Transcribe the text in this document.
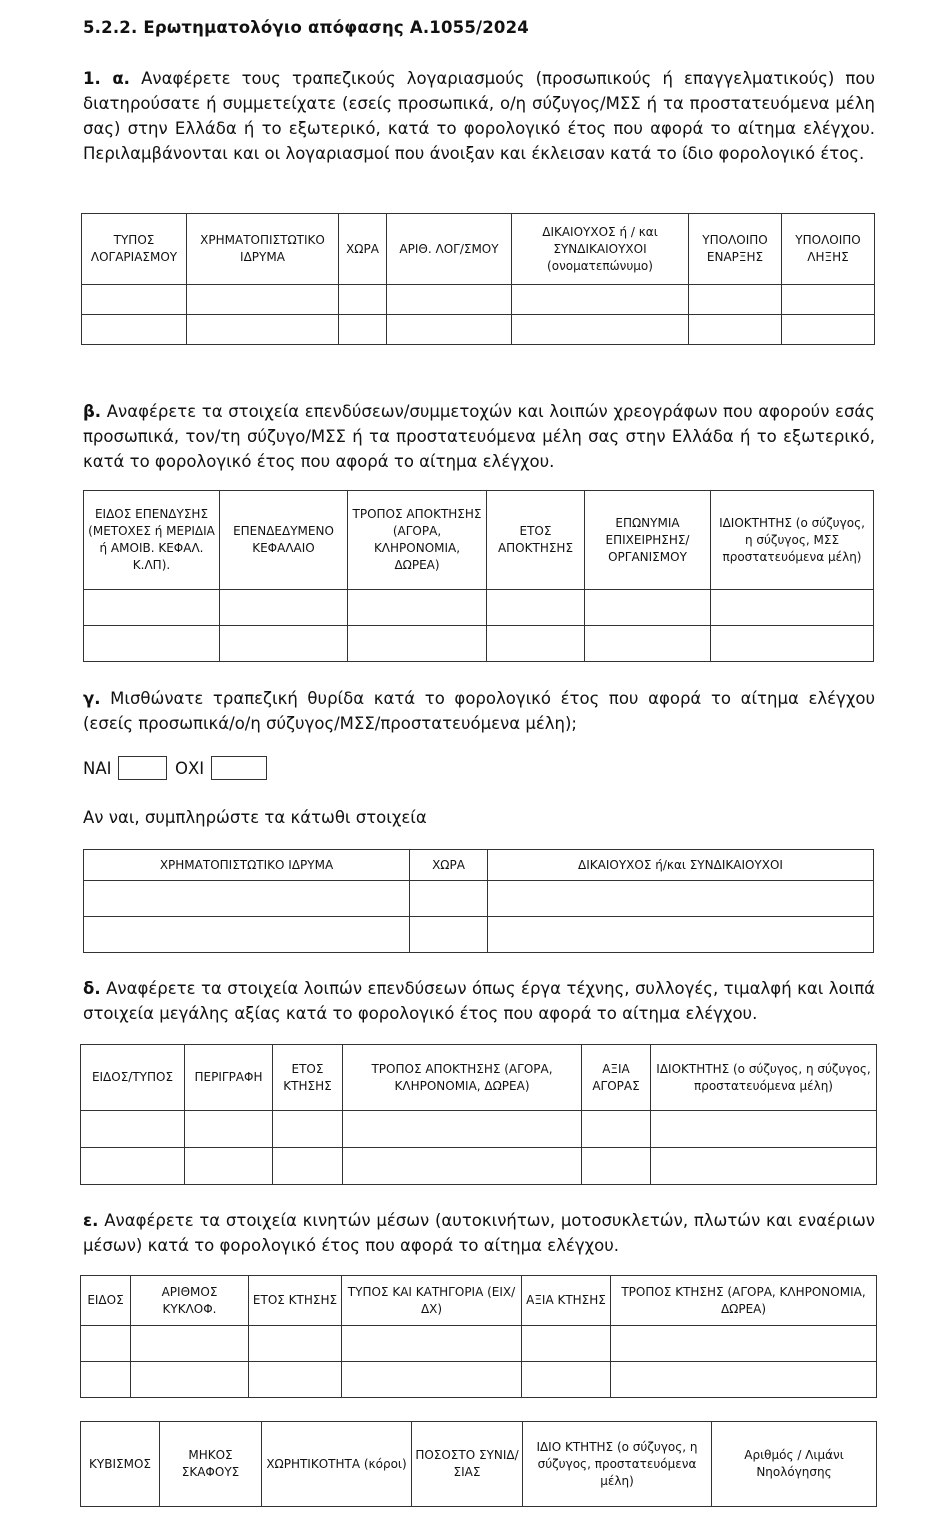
5.2.2. Ερωτηματολόγιο απόφασης Α.1055/2024
1. α. Αναφέρετε τους τραπεζικούς λογαριασμούς (προσωπικούς ή επαγγελματικούς) που διατηρούσατε ή συμμετείχατε (εσείς προσωπικά, ο/η σύζυγος/ΜΣΣ ή τα προστατευόμενα μέλη σας) στην Ελλάδα ή το εξωτερικό, κατά το φορολογικό έτος που αφορά το αίτημα ελέγχου. Περιλαμβάνονται και οι λογαριασμοί που άνοιξαν και έκλεισαν κατά το ίδιο φορολογικό έτος.
ΤΥΠΟΣ ΛΟΓΑΡΙΑΣΜΟΥ	ΧΡΗΜΑΤΟΠΙΣΤΩΤΙΚΟ ΙΔΡΥΜΑ	ΧΩΡΑ	ΑΡΙΘ. ΛΟΓ/ΣΜΟΥ	ΔΙΚΑΙΟΥΧΟΣ ή / και ΣΥΝΔΙΚΑΙΟΥΧΟΙ (ονοματεπώνυμο)	ΥΠΟΛΟΙΠΟ ΕΝΑΡΞΗΣ	ΥΠΟΛΟΙΠΟ ΛΗΞΗΣ

β. Αναφέρετε τα στοιχεία επενδύσεων/συμμετοχών και λοιπών χρεογράφων που αφορούν εσάς προσωπικά, τον/τη σύζυγο/ΜΣΣ ή τα προστατευόμενα μέλη σας στην Ελλάδα ή το εξωτερικό, κατά το φορολογικό έτος που αφορά το αίτημα ελέγχου.
ΕΙΔΟΣ ΕΠΕΝΔΥΣΗΣ (ΜΕΤΟΧΕΣ ή ΜΕΡΙΔΙΑ ή ΑΜΟΙΒ. ΚΕΦΑΛ. Κ.ΛΠ).	ΕΠΕΝΔΕΔΥΜΕΝΟ ΚΕΦΑΛΑΙΟ	ΤΡΟΠΟΣ ΑΠΟΚΤΗΣΗΣ (ΑΓΟΡΑ, ΚΛΗΡΟΝΟΜΙΑ, ΔΩΡΕΑ)	ΕΤΟΣ ΑΠΟΚΤΗΣΗΣ	ΕΠΩΝΥΜΙΑ ΕΠΙΧΕΙΡΗΣΗΣ/ ΟΡΓΑΝΙΣΜΟΥ	ΙΔΙΟΚΤΗΤΗΣ (ο σύζυγος, η σύζυγος, ΜΣΣ προστατευόμενα μέλη)

γ. Μισθώνατε τραπεζική θυρίδα κατά το φορολογικό έτος που αφορά το αίτημα ελέγχου (εσείς προσωπικά/ο/η σύζυγος/ΜΣΣ/προστατευόμενα μέλη);
ΝΑΙ	ΟΧΙ
Αν ναι, συμπληρώστε τα κάτωθι στοιχεία
ΧΡΗΜΑΤΟΠΙΣΤΩΤΙΚΟ ΙΔΡΥΜΑ	ΧΩΡΑ	ΔΙΚΑΙΟΥΧΟΣ ή/και ΣΥΝΔΙΚΑΙΟΥΧΟΙ

δ. Αναφέρετε τα στοιχεία λοιπών επενδύσεων όπως έργα τέχνης, συλλογές, τιμαλφή και λοιπά στοιχεία μεγάλης αξίας κατά το φορολογικό έτος που αφορά το αίτημα ελέγχου.
ΕΙΔΟΣ/ΤΥΠΟΣ	ΠΕΡΙΓΡΑΦΗ	ΕΤΟΣ ΚΤΗΣΗΣ	ΤΡΟΠΟΣ ΑΠΟΚΤΗΣΗΣ (ΑΓΟΡΑ, ΚΛΗΡΟΝΟΜΙΑ, ΔΩΡΕΑ)	ΑΞΙΑ ΑΓΟΡΑΣ	ΙΔΙΟΚΤΗΤΗΣ (ο σύζυγος, η σύζυγος, προστατευόμενα μέλη)

ε. Αναφέρετε τα στοιχεία κινητών μέσων (αυτοκινήτων, μοτοσυκλετών, πλωτών και εναέριων μέσων) κατά το φορολογικό έτος που αφορά το αίτημα ελέγχου.
ΕΙΔΟΣ	ΑΡΙΘΜΟΣ ΚΥΚΛΟΦ.	ΕΤΟΣ ΚΤΗΣΗΣ	ΤΥΠΟΣ ΚΑΙ ΚΑΤΗΓΟΡΙΑ (ΕΙΧ/ΔΧ)	ΑΞΙΑ ΚΤΗΣΗΣ	ΤΡΟΠΟΣ ΚΤΗΣΗΣ (ΑΓΟΡΑ, ΚΛΗΡΟΝΟΜΙΑ, ΔΩΡΕΑ)

ΚΥΒΙΣΜΟΣ	ΜΗΚΟΣ ΣΚΑΦΟΥΣ	ΧΩΡΗΤΙΚΟΤΗΤΑ (κόροι)	ΠΟΣΟΣΤΟ ΣΥΝΙΔ/ΣΙΑΣ	ΙΔΙΟ ΚΤΗΤΗΣ (ο σύζυγος, η σύζυγος, προστατευόμενα μέλη)	Αριθμός / Λιμάνι Νηολόγησης
